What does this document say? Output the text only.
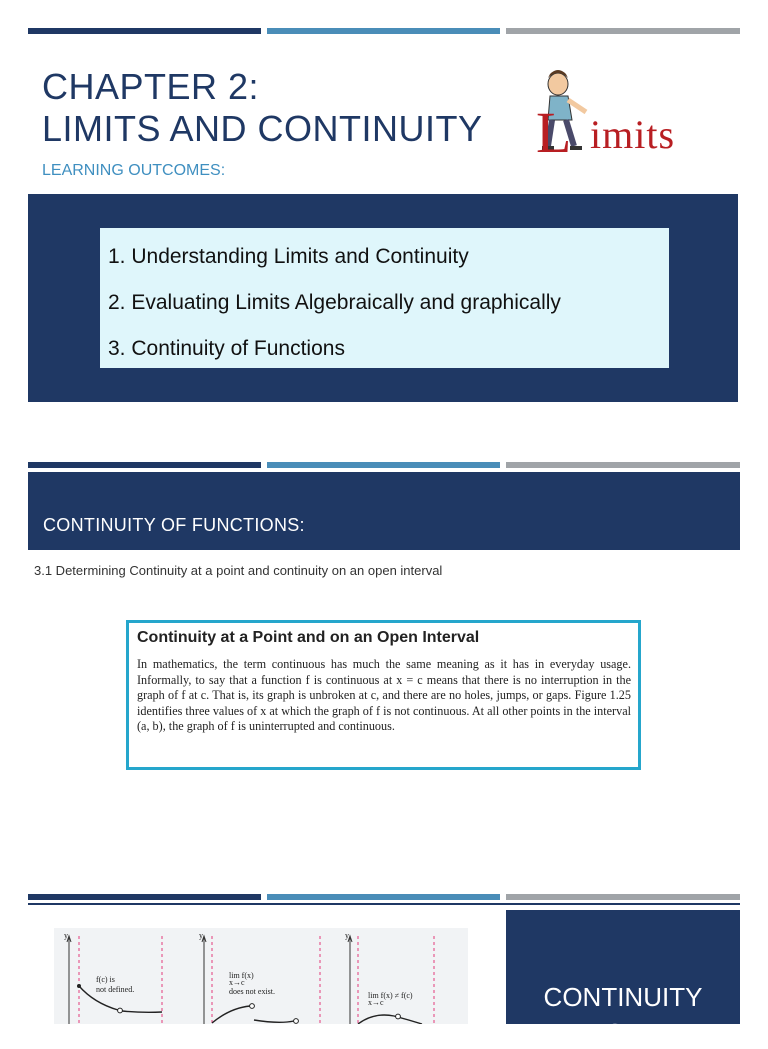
CHAPTER 2:
LIMITS AND CONTINUITY
LEARNING OUTCOMES:
L imits
1. Understanding Limits and Continuity
2. Evaluating Limits Algebraically and graphically
3. Continuity of Functions
CONTINUITY OF FUNCTIONS:
3.1 Determining Continuity at a point and continuity on an open interval
Continuity at a Point and on an Open Interval

In mathematics, the term continuous has much the same meaning as it has in everyday usage. Informally, to say that a function f is continuous at x = c means that there is no interruption in the graph of f at c. That is, its graph is unbroken at c, and there are no holes, jumps, or gaps. Figure 1.25 identifies three values of x at which the graph of f is not continuous. At all other points in the interval (a, b), the graph of f is uninterrupted and continuous.

y
f(c) is
not defined.
y
lim f(x)
x→c
does not exist.
y
lim f(x) ≠ f(c)
x→c	CONTINUITY
OF
